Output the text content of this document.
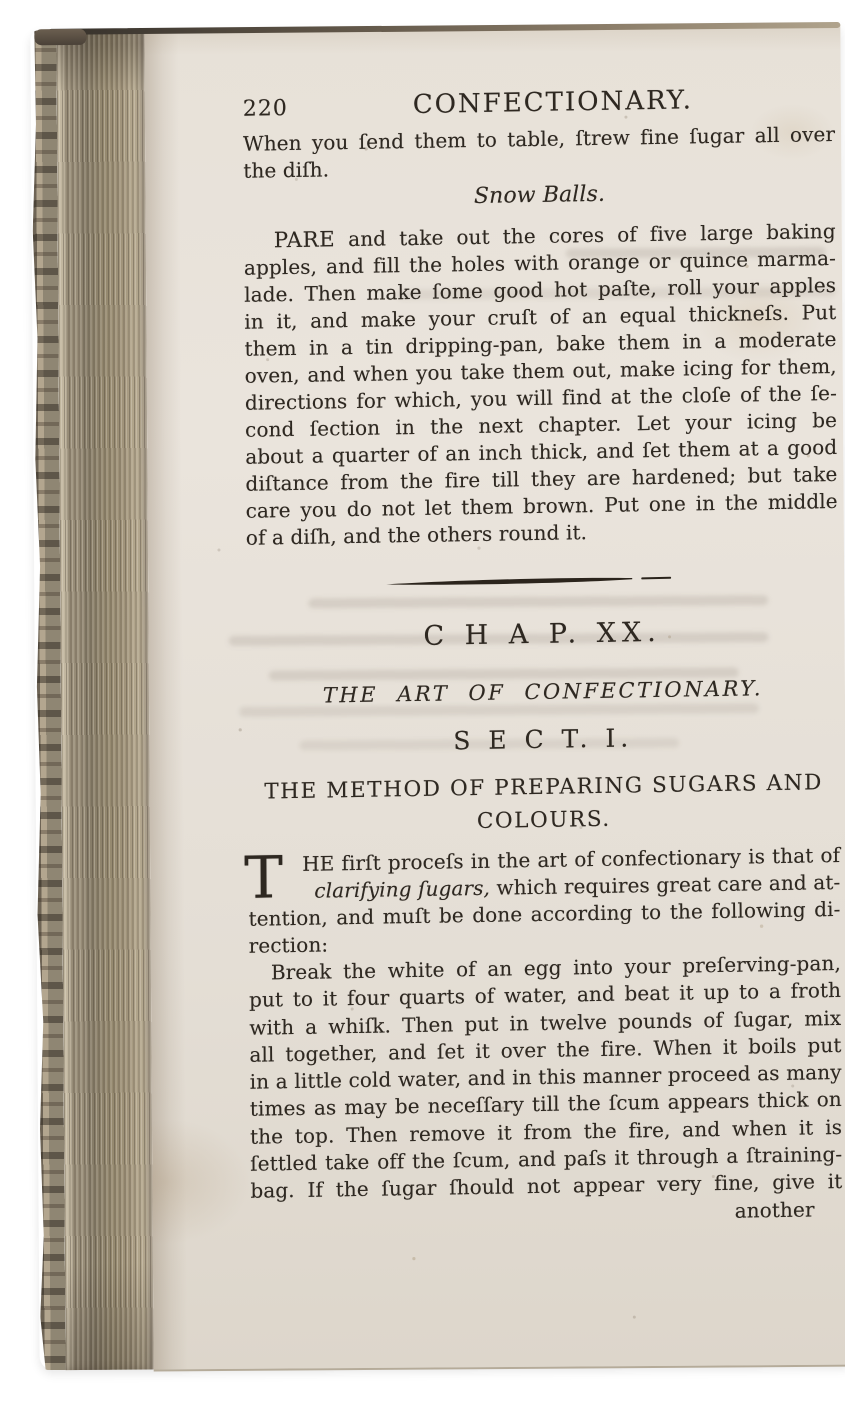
220	CONFECTIONARY.
When you ſend them to table, ſtrew fine ſugar all over
the diſh.
Snow Balls.
PARE and take out the cores of five large baking
apples, and fill the holes with orange or quince marma-
lade. Then make ſome good hot paſte, roll your apples
in it, and make your cruſt of an equal thickneſs. Put
them in a tin dripping-pan, bake them in a moderate
oven, and when you take them out, make icing for them,
directions for which, you will find at the cloſe of the ſe-
cond ſection in the next chapter. Let your icing be
about a quarter of an inch thick, and ſet them at a good
diſtance from the fire till they are hardened; but take
care you do not let them brown. Put one in the middle
of a diſh, and the others round it.
C H A P. XX.
THE ART OF CONFECTIONARY.
S E C T. I.
THE METHOD OF PREPARING SUGARS AND
COLOURS.
T HE firſt proceſs in the art of confectionary is that of
clarifying ſugars, which requires great care and at-
tention, and muſt be done according to the following di-
rection:
Break the white of an egg into your preſerving-pan,
put to it four quarts of water, and beat it up to a froth
with a whiſk. Then put in twelve pounds of ſugar, mix
all together, and ſet it over the fire. When it boils put
in a little cold water, and in this manner proceed as many
times as may be neceſſary till the ſcum appears thick on
the top. Then remove it from the fire, and when it is
ſettled take off the ſcum, and paſs it through a ſtraining-
bag. If the ſugar ſhould not appear very fine, give it
another
